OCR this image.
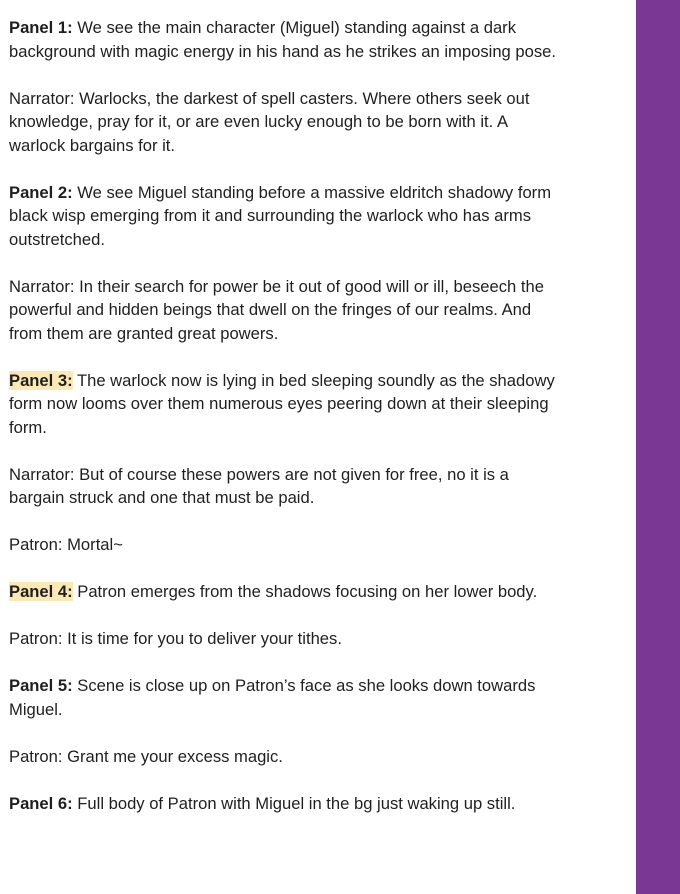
Panel 1: We see the main character (Miguel) standing against a dark
background with magic energy in his hand as he strikes an imposing pose.

Narrator: Warlocks, the darkest of spell casters. Where others seek out
knowledge, pray for it, or are even lucky enough to be born with it. A
warlock bargains for it.

Panel 2: We see Miguel standing before a massive eldritch shadowy form
black wisp emerging from it and surrounding the warlock who has arms
outstretched.

Narrator: In their search for power be it out of good will or ill, beseech the
powerful and hidden beings that dwell on the fringes of our realms. And
from them are granted great powers.

Panel 3: The warlock now is lying in bed sleeping soundly as the shadowy
form now looms over them numerous eyes peering down at their sleeping
form.

Narrator: But of course these powers are not given for free, no it is a
bargain struck and one that must be paid.

Patron: Mortal~

Panel 4: Patron emerges from the shadows focusing on her lower body.

Patron: It is time for you to deliver your tithes.

Panel 5: Scene is close up on Patron’s face as she looks down towards
Miguel.

Patron: Grant me your excess magic.

Panel 6: Full body of Patron with Miguel in the bg just waking up still.
